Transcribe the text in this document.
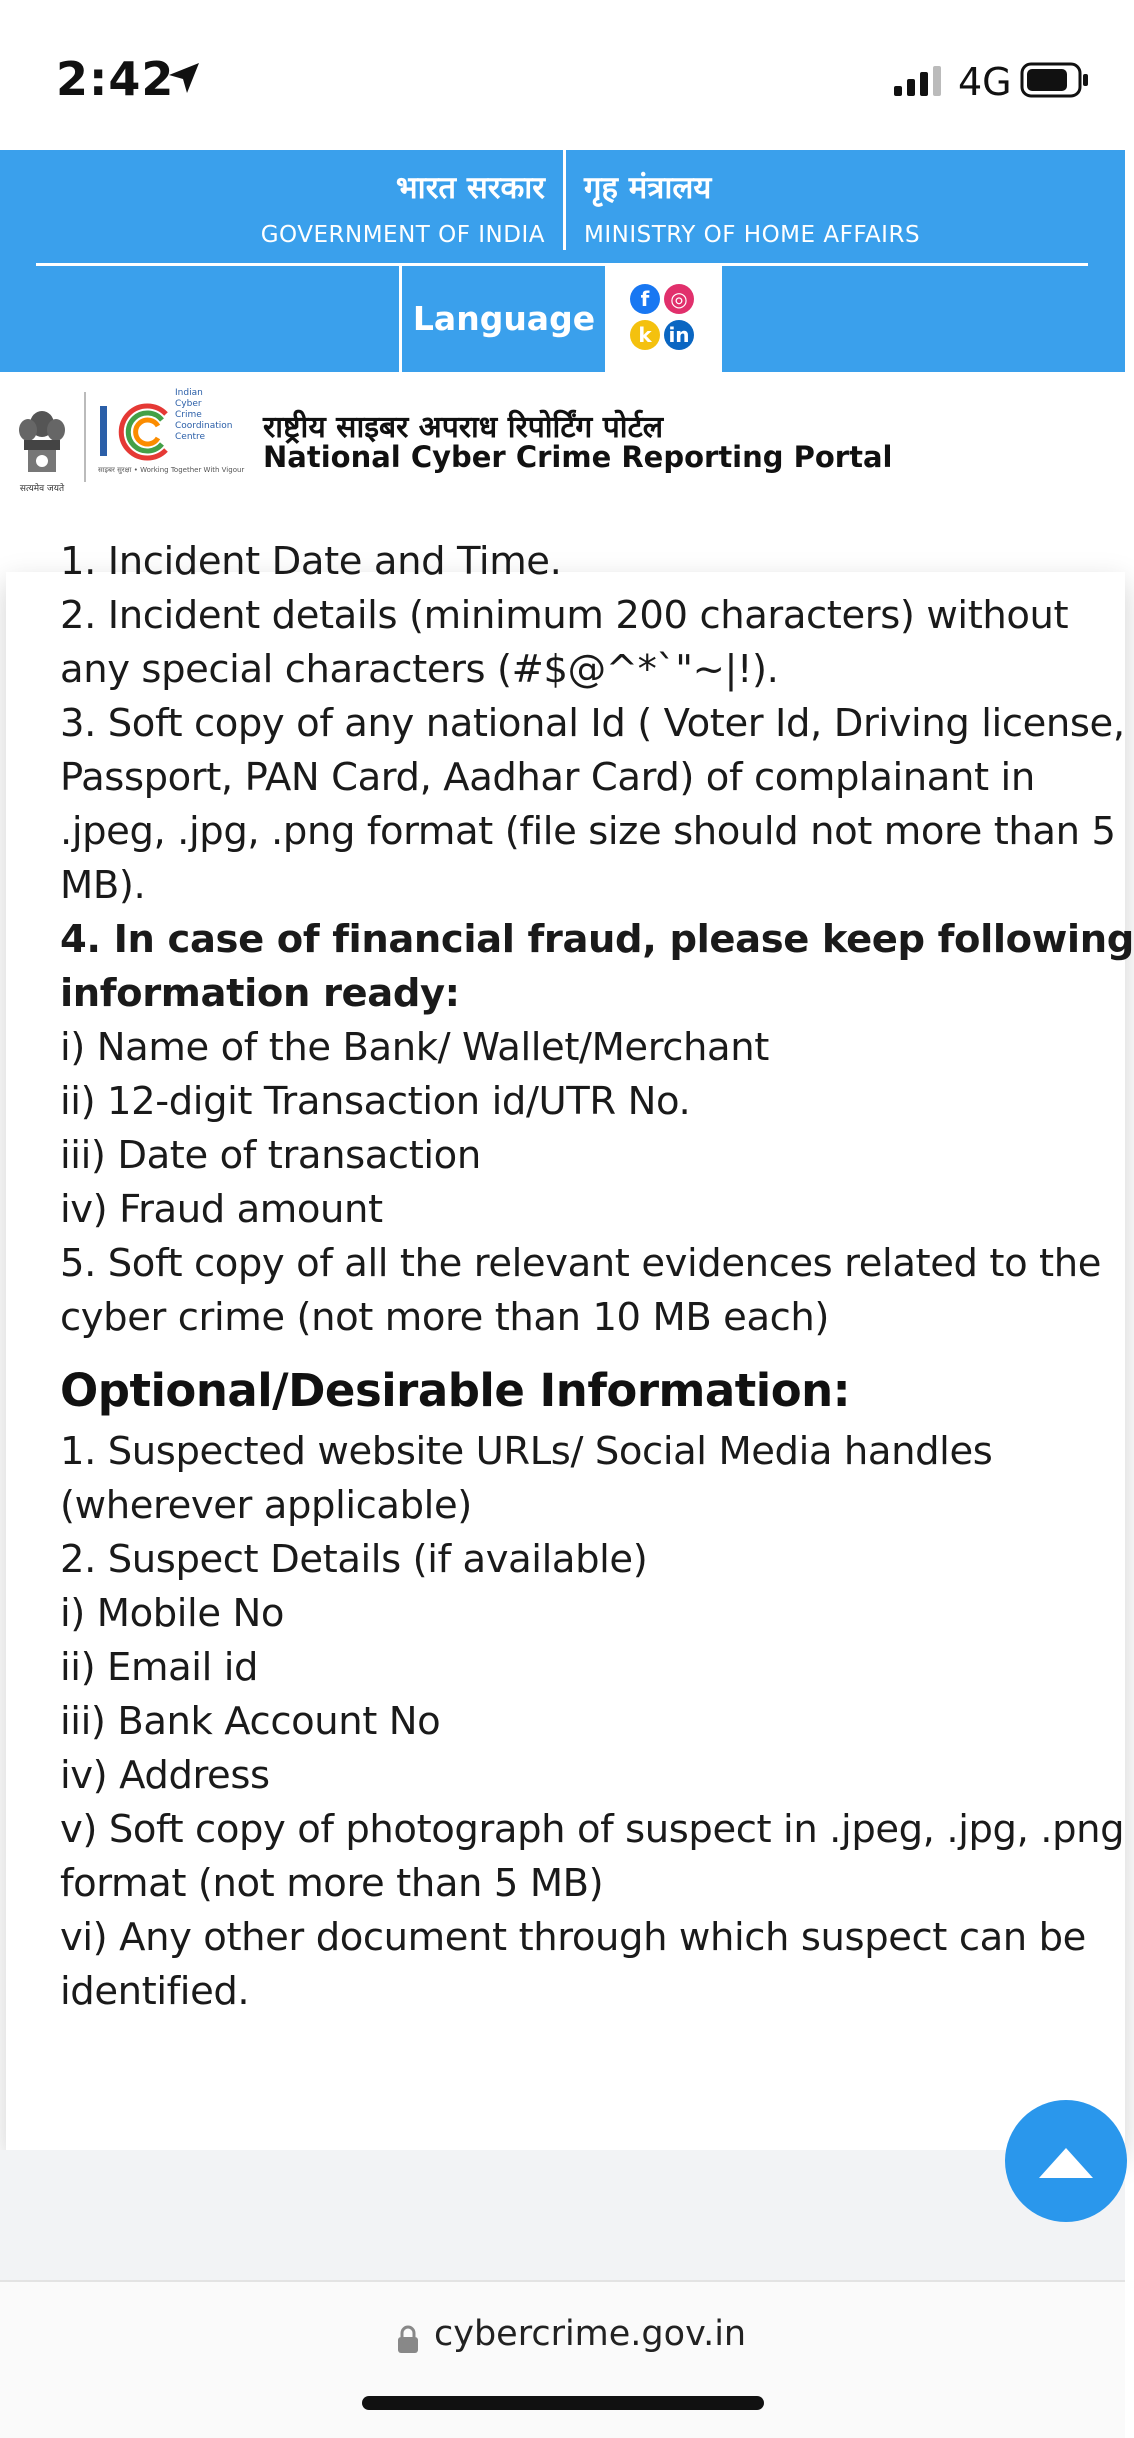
2:42	4G
भारत सरकार
GOVERNMENT OF INDIA
गृह मंत्रालय
MINISTRY OF HOME AFFAIRS
Language	f	◎
k in
सत्यमेव जयते
Indian
Cyber
Crime
Coordination
Centre
साइबर सुरक्षा • Working Together With Vigour
राष्ट्रीय साइबर अपराध रिपोर्टिंग पोर्टल
National Cyber Crime Reporting Portal
1. Incident Date and Time.
2. Incident details (minimum 200 characters) without
any special characters (#$@^*`"~|!).
3. Soft copy of any national Id ( Voter Id, Driving license,
Passport, PAN Card, Aadhar Card) of complainant in
.jpeg, .jpg, .png format (file size should not more than 5
MB).
4. In case of financial fraud, please keep following
information ready:
i) Name of the Bank/ Wallet/Merchant
ii) 12-digit Transaction id/UTR No.
iii) Date of transaction
iv) Fraud amount
5. Soft copy of all the relevant evidences related to the
cyber crime (not more than 10 MB each)
Optional/Desirable Information:
1. Suspected website URLs/ Social Media handles
(wherever applicable)
2. Suspect Details (if available)
i) Mobile No
ii) Email id
iii) Bank Account No
iv) Address
v) Soft copy of photograph of suspect in .jpeg, .jpg, .png
format (not more than 5 MB)
vi) Any other document through which suspect can be
identified.
cybercrime.gov.in
